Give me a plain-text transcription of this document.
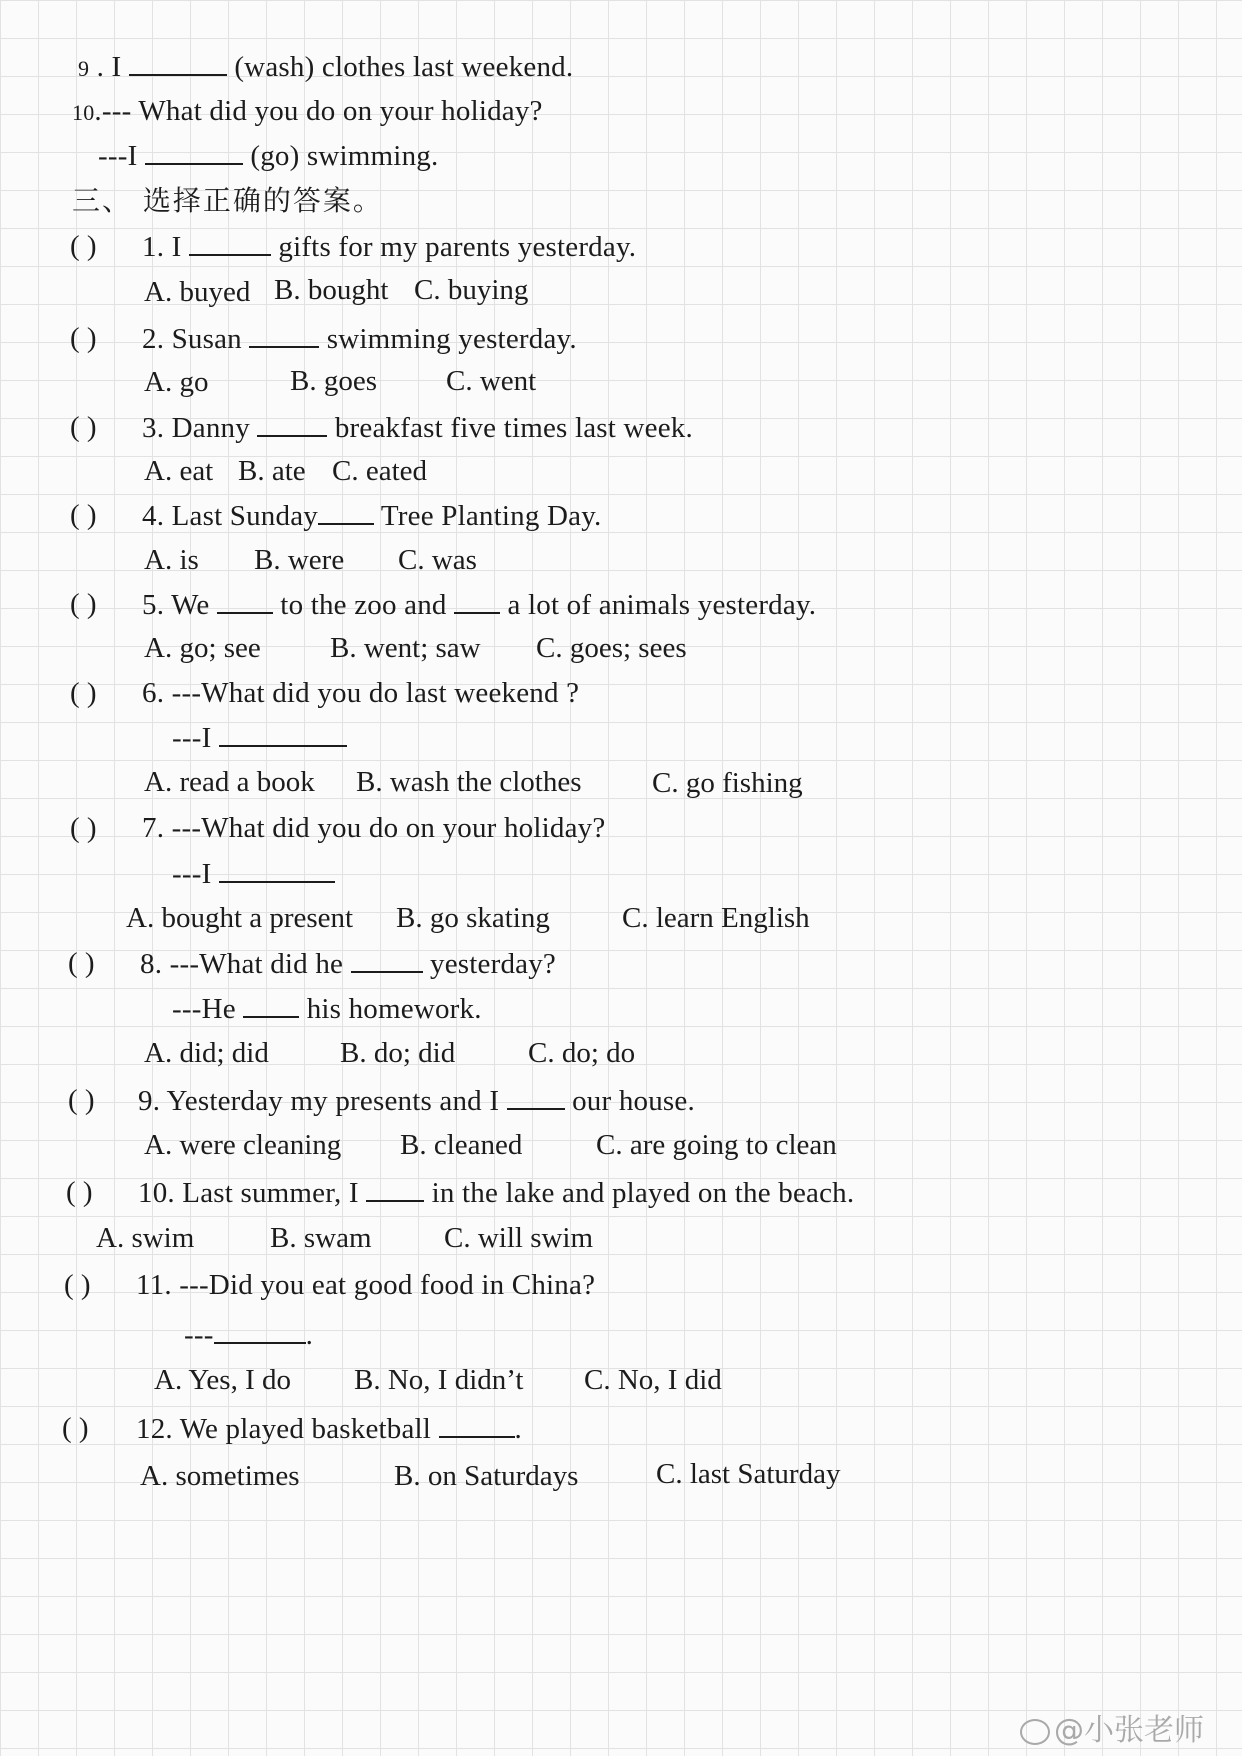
9 . I	(wash) clothes last weekend.
10.--- What did you do on your holiday?
---I	(go) swimming.
三、 选择正确的答案。
( ) 1. I	gifts for my parents yesterday.
A. buyed B. bought C. buying
( ) 2. Susan  swimming yesterday.
A. go	B. goes C. went
( ) 3. Danny  breakfast five times last week.
A. eat B. ate C. eated
( ) 4. Last Sunday Tree Planting Day.
A. is B. were C. was
( ) 5. We  to the zoo and  a lot of animals yesterday.
A. go; see B. went; saw C. goes; sees
( ) 6. ---What did you do last weekend ?
---I
A. read a book B. wash the clothes C. go fishing
( ) 7. ---What did you do on your holiday?
---I
A. bought a present B. go skating C. learn English
( ) 8. ---What did he  yesterday?
---He  his homework.
A. did; did B. do; did	C. do; do
( ) 9. Yesterday my presents and I  our house.
A. were cleaning B. cleaned	C. are going to clean
( ) 10. Last summer, I  in the lake and played on the beach.
A. swim	B. swam	C. will swim
( ) 11. ---Did you eat good food in China?
---	.
A. Yes, I do B. No, I didn’t C. No, I did
( ) 12. We played basketball	.
A. sometimes	B. on Saturdays	C. last Saturday
@小张老师
